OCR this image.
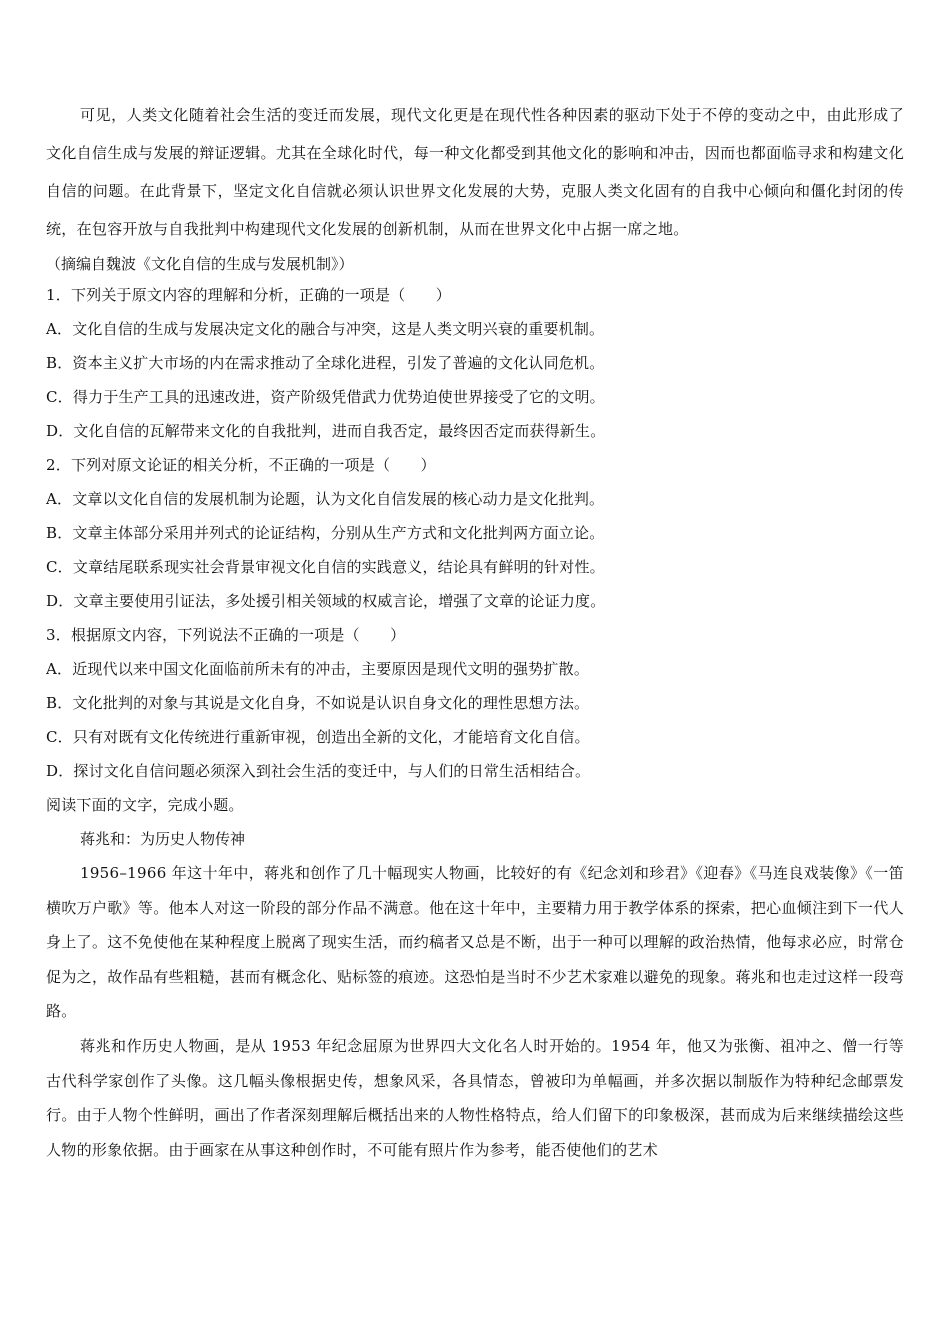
可见，人类文化随着社会生活的变迁而发展，现代文化更是在现代性各种因素的驱动下处于不停的变动之中，由此形成了文化自信生成与发展的辩证逻辑。尤其在全球化时代，每一种文化都受到其他文化的影响和冲击，因而也都面临寻求和构建文化自信的问题。在此背景下，坚定文化自信就必须认识世界文化发展的大势，克服人类文化固有的自我中心倾向和僵化封闭的传统，在包容开放与自我批判中构建现代文化发展的创新机制，从而在世界文化中占据一席之地。

（摘编自魏波《文化自信的生成与发展机制》）

1．下列关于原文内容的理解和分析，正确的一项是（　　）

A．文化自信的生成与发展决定文化的融合与冲突，这是人类文明兴衰的重要机制。

B．资本主义扩大市场的内在需求推动了全球化进程，引发了普遍的文化认同危机。

C．得力于生产工具的迅速改进，资产阶级凭借武力优势迫使世界接受了它的文明。

D．文化自信的瓦解带来文化的自我批判，进而自我否定，最终因否定而获得新生。

2．下列对原文论证的相关分析，不正确的一项是（　　）

A．文章以文化自信的发展机制为论题，认为文化自信发展的核心动力是文化批判。

B．文章主体部分采用并列式的论证结构，分别从生产方式和文化批判两方面立论。

C．文章结尾联系现实社会背景审视文化自信的实践意义，结论具有鲜明的针对性。

D．文章主要使用引证法，多处援引相关领域的权威言论，增强了文章的论证力度。

3．根据原文内容，下列说法不正确的一项是（　　）

A．近现代以来中国文化面临前所未有的冲击，主要原因是现代文明的强势扩散。

B．文化批判的对象与其说是文化自身，不如说是认识自身文化的理性思想方法。

C．只有对既有文化传统进行重新审视，创造出全新的文化，才能培育文化自信。

D．探讨文化自信问题必须深入到社会生活的变迁中，与人们的日常生活相结合。

阅读下面的文字，完成小题。

蒋兆和：为历史人物传神

1956–1966 年这十年中，蒋兆和创作了几十幅现实人物画，比较好的有《纪念刘和珍君》《迎春》《马连良戏装像》《一笛横吹万户歌》等。他本人对这一阶段的部分作品不满意。他在这十年中，主要精力用于教学体系的探索，把心血倾注到下一代人身上了。这不免使他在某种程度上脱离了现实生活，而约稿者又总是不断，出于一种可以理解的政治热情，他每求必应，时常仓促为之，故作品有些粗糙，甚而有概念化、贴标签的痕迹。这恐怕是当时不少艺术家难以避免的现象。蒋兆和也走过这样一段弯路。

蒋兆和作历史人物画，是从 1953 年纪念屈原为世界四大文化名人时开始的。1954 年，他又为张衡、祖冲之、僧一行等古代科学家创作了头像。这几幅头像根据史传，想象风采，各具情态，曾被印为单幅画，并多次据以制版作为特种纪念邮票发行。由于人物个性鲜明，画出了作者深刻理解后概括出来的人物性格特点，给人们留下的印象极深，甚而成为后来继续描绘这些人物的形象依据。由于画家在从事这种创作时，不可能有照片作为参考，能否使他们的艺术
